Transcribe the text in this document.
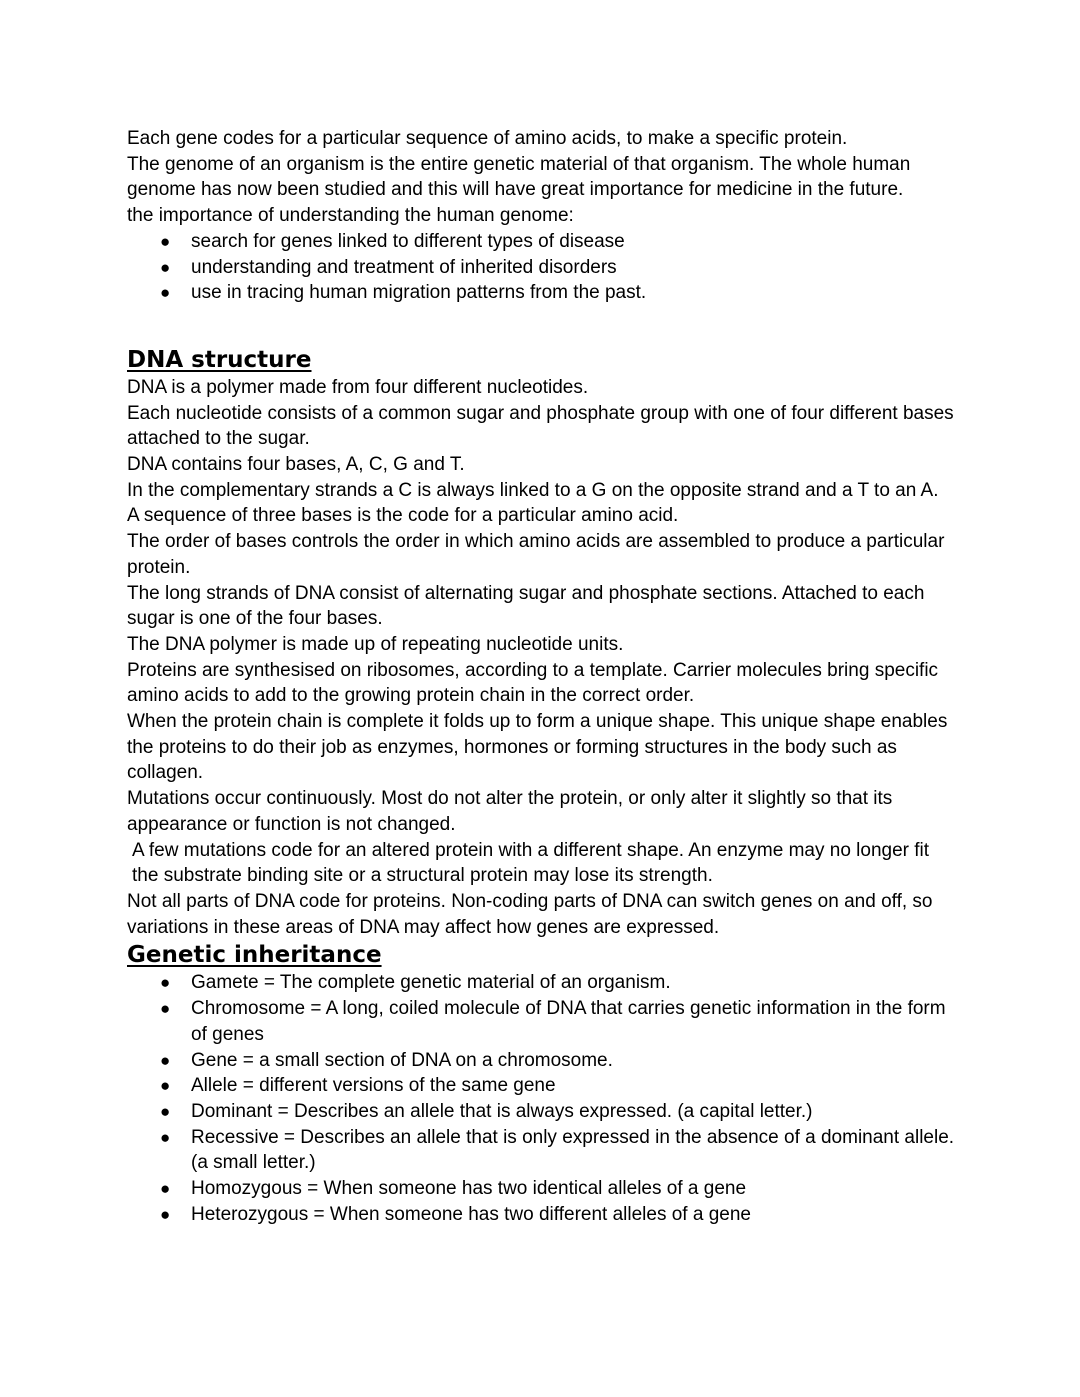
Each gene codes for a particular sequence of amino acids, to make a specific protein.

The genome of an organism is the entire genetic material of that organism. The whole human genome has now been studied and this will have great importance for medicine in the future.

the importance of understanding the human genome:

● search for genes linked to different types of disease
● understanding and treatment of inherited disorders
● use in tracing human migration patterns from the past.
DNA structure

DNA is a polymer made from four different nucleotides.

Each nucleotide consists of a common sugar and phosphate group with one of four different bases attached to the sugar.

DNA contains four bases, A, C, G and T.

In the complementary strands a C is always linked to a G on the opposite strand and a T to an A.

A sequence of three bases is the code for a particular amino acid.

The order of bases controls the order in which amino acids are assembled to produce a particular protein.

The long strands of DNA consist of alternating sugar and phosphate sections. Attached to each sugar is one of the four bases.

The DNA polymer is made up of repeating nucleotide units.

Proteins are synthesised on ribosomes, according to a template. Carrier molecules bring specific amino acids to add to the growing protein chain in the correct order.

When the protein chain is complete it folds up to form a unique shape. This unique shape enables the proteins to do their job as enzymes, hormones or forming structures in the body such as collagen.

Mutations occur continuously. Most do not alter the protein, or only alter it slightly so that its appearance or function is not changed.

A few mutations code for an altered protein with a different shape. An enzyme may no longer fit the substrate binding site or a structural protein may lose its strength.

Not all parts of DNA code for proteins. Non-coding parts of DNA can switch genes on and off, so variations in these areas of DNA may affect how genes are expressed.

Genetic inheritance
● Gamete = The complete genetic material of an organism.
● Chromosome = A long, coiled molecule of DNA that carries genetic information in the form of genes
● Gene = a small section of DNA on a chromosome.
● Allele = different versions of the same gene
● Dominant = Describes an allele that is always expressed. (a capital letter.)
● Recessive = Describes an allele that is only expressed in the absence of a dominant allele. (a small letter.)
● Homozygous = When someone has two identical alleles of a gene
● Heterozygous = When someone has two different alleles of a gene
